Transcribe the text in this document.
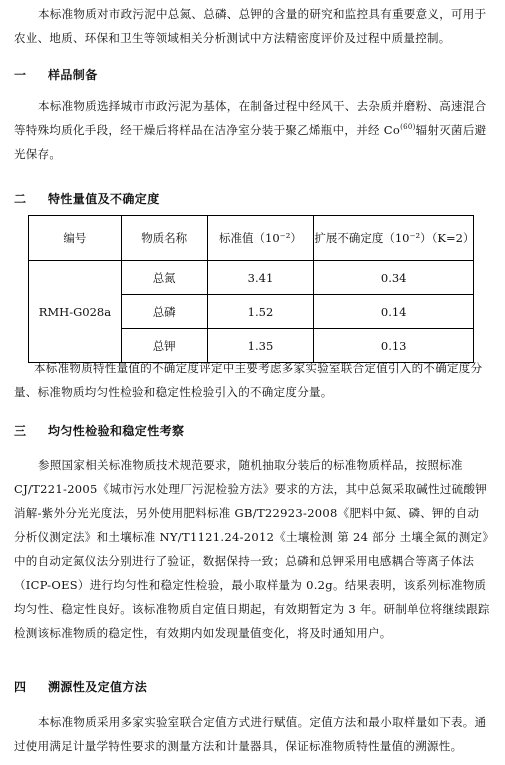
本标准物质对市政污泥中总氮、总磷、总钾的含量的研究和监控具有重要意义，可用于农业、地质、环保和卫生等领域相关分析测试中方法精密度评价及过程中质量控制。
一 样品制备
本标准物质选择城市市政污泥为基体，在制备过程中经风干、去杂质并磨粉、高速混合等特殊均质化手段，经干燥后将样品在洁净室分装于聚乙烯瓶中，并经 Co$^{(60)}$辐射灭菌后避光保存。
二 特性量值及不确定度
编号	物质名称	标准值（10⁻²）	扩展不确定度（10⁻²）（K=2）
RMH-G028a	总氮	3.41	0.34
	总磷	1.52	0.14
	总钾	1.35	0.13
本标准物质特性量值的不确定度评定中主要考虑多家实验室联合定值引入的不确定度分量、标准物质均匀性检验和稳定性检验引入的不确定度分量。
三 均匀性检验和稳定性考察
参照国家相关标准物质技术规范要求，随机抽取分装后的标准物质样品，按照标准 CJ/T221-2005《城市污水处理厂污泥检验方法》要求的方法，其中总氮采取碱性过硫酸钾消解-紫外分光光度法，另外使用肥料标准 GB/T22923-2008《肥料中氮、磷、钾的自动分析仪测定法》和土壤标准 NY/T1121.24-2012《土壤检测 第 24 部分 土壤全氮的测定》中的自动定氮仪法分别进行了验证，数据保持一致；总磷和总钾采用电感耦合等离子体法（ICP-OES）进行均匀性和稳定性检验，最小取样量为 0.2g。结果表明，该系列标准物质均匀性、稳定性良好。该标准物质自定值日期起，有效期暂定为 3 年。研制单位将继续跟踪检测该标准物质的稳定性，有效期内如发现量值变化，将及时通知用户。
四 溯源性及定值方法
本标准物质采用多家实验室联合定值方式进行赋值。定值方法和最小取样量如下表。通过使用满足计量学特性要求的测量方法和计量器具，保证标准物质特性量值的溯源性。
